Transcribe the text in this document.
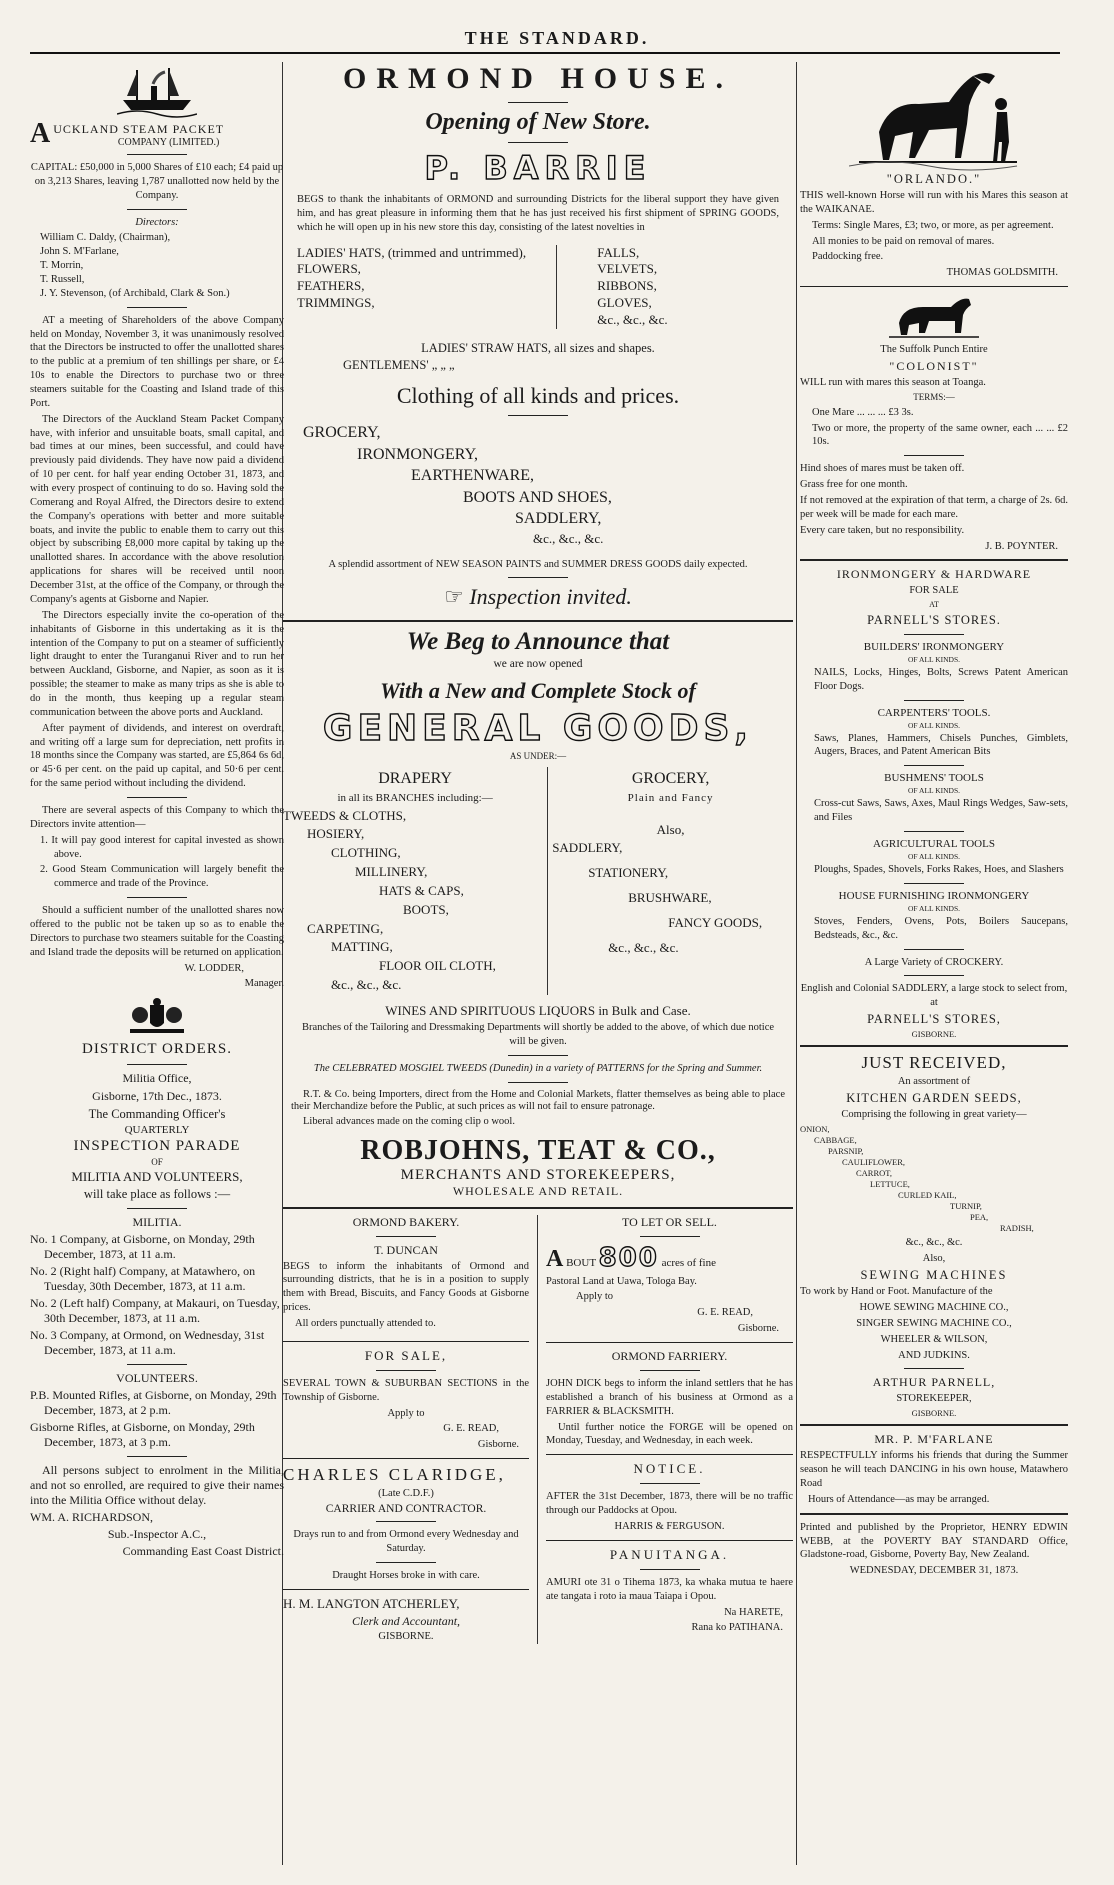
THE STANDARD.
A UCKLAND STEAM PACKET
COMPANY (LIMITED.)

CAPITAL: £50,000 in 5,000 Shares of £10 each; £4 paid up on 3,213 Shares, leaving 1,787 unallotted now held by the Company.

Directors:

William C. Daldy, (Chairman),
John S. M'Farlane,
T. Morrin,
T. Russell,
J. Y. Stevenson, (of Archibald, Clark & Son.)

AT a meeting of Shareholders of the above Company held on Monday, November 3, it was unanimously resolved that the Directors be instructed to offer the unallotted shares to the public at a premium of ten shillings per share, or £4 10s to enable the Directors to purchase two or three steamers suitable for the Coasting and Island trade of this Port.

The Directors of the Auckland Steam Packet Company have, with inferior and unsuitable boats, small capital, and bad times at our mines, been successful, and could have previously paid dividends. They have now paid a dividend of 10 per cent. for half year ending October 31, 1873, and with every prospect of continuing to do so. Having sold the Comerang and Royal Alfred, the Directors desire to extend the Company's operations with better and more suitable boats, and invite the public to enable them to carry out this object by subscribing £8,000 more capital by taking up the unallotted shares. In accordance with the above resolution applications for shares will be received until noon December 31st, at the office of the Company, or through the Company's agents at Gisborne and Napier.

The Directors especially invite the co-operation of the inhabitants of Gisborne in this undertaking as it is the intention of the Company to put on a steamer of sufficiently light draught to enter the Turanganui River and to run her between Auckland, Gisborne, and Napier, as soon as it is possible; the steamer to make as many trips as she is able to do in the month, thus keeping up a regular steam communication between the above ports and Auckland.

After payment of dividends, and interest on overdraft, and writing off a large sum for depreciation, nett profits in 18 months since the Company was started, are £5,864 6s 6d, or 45·6 per cent. on the paid up capital, and 50·6 per cent. for the same period without including the dividend.

There are several aspects of this Company to which the Directors invite attention—

1. It will pay good interest for capital invested as shown above.

2. Good Steam Communication will largely benefit the commerce and trade of the Province.

Should a sufficient number of the unallotted shares now offered to the public not be taken up so as to enable the Directors to purchase two steamers suitable for the Coasting and Island trade the deposits will be returned on application.

W. LODDER,

Manager.

DISTRICT ORDERS.

Militia Office,

Gisborne, 17th Dec., 1873.

The Commanding Officer's

QUARTERLY

INSPECTION PARADE

OF

MILITIA AND VOLUNTEERS,

will take place as follows :—

MILITIA.

No. 1 Company, at Gisborne, on Monday, 29th December, 1873, at 11 a.m.

No. 2 (Right half) Company, at Matawhero, on Tuesday, 30th December, 1873, at 11 a.m.

No. 2 (Left half) Company, at Makauri, on Tuesday, 30th December, 1873, at 11 a.m.

No. 3 Company, at Ormond, on Wednesday, 31st December, 1873, at 11 a.m.

VOLUNTEERS.

P.B. Mounted Rifles, at Gisborne, on Monday, 29th December, 1873, at 2 p.m.

Gisborne Rifles, at Gisborne, on Monday, 29th December, 1873, at 3 p.m.

All persons subject to enrolment in the Militia, and not so enrolled, are required to give their names into the Militia Office without delay.

WM. A. RICHARDSON,

Sub.-Inspector A.C.,

Commanding East Coast District.

ORMOND HOUSE.
Opening of New Store.
P. BARRIE

BEGS to thank the inhabitants of ORMOND and surrounding Districts for the liberal support they have given him, and has great pleasure in informing them that he has just received his first shipment of SPRING GOODS, which he will open up in his new store this day, consisting of the latest novelties in

LADIES' HATS, (trimmed and untrimmed),
FLOWERS,
FEATHERS,
TRIMMINGS,
FALLS,
VELVETS,
RIBBONS,
GLOVES,
&c., &c., &c.

LADIES' STRAW HATS, all sizes and shapes.

GENTLEMENS' „ „ „

Clothing of all kinds and prices.
GROCERY,
IRONMONGERY,
EARTHENWARE,
BOOTS AND SHOES,
SADDLERY,
&c., &c., &c.

A splendid assortment of NEW SEASON PAINTS and SUMMER DRESS GOODS daily expected.

☞ Inspection invited.
We Beg to Announce that

we are now opened

With a New and Complete Stock of
GENERAL GOODS,

AS UNDER:—

DRAPERY
in all its BRANCHES including:—
TWEEDS & CLOTHS,
HOSIERY,
CLOTHING,
MILLINERY,
HATS & CAPS,
BOOTS,
CARPETING,
MATTING,
FLOOR OIL CLOTH,
&c., &c., &c.
GROCERY,
Plain and Fancy
Also,
SADDLERY,
STATIONERY,
BRUSHWARE,
FANCY GOODS,
&c., &c., &c.

WINES AND SPIRITUOUS LIQUORS in Bulk and Case.

Branches of the Tailoring and Dressmaking Departments will shortly be added to the above, of which due notice will be given.

The CELEBRATED MOSGIEL TWEEDS (Dunedin) in a variety of PATTERNS for the Spring and Summer.

R.T. & Co. being Importers, direct from the Home and Colonial Markets, flatter themselves as being able to place their Merchandize before the Public, at such prices as will not fail to ensure patronage.

Liberal advances made on the coming clip o wool.

ROBJOHNS, TEAT & CO.,
MERCHANTS AND STOREKEEPERS,
WHOLESALE AND RETAIL.
ORMOND BAKERY.
T. DUNCAN

BEGS to inform the inhabitants of Ormond and surrounding districts, that he is in a position to supply them with Bread, Biscuits, and Fancy Goods at Gisborne prices.

All orders punctually attended to.

FOR SALE,

SEVERAL TOWN & SUBURBAN SECTIONS in the Township of Gisborne.

Apply to

G. E. READ,

Gisborne.

CHARLES CLARIDGE,

(Late C.D.F.)

CARRIER AND CONTRACTOR.

Drays run to and from Ormond every Wednesday and Saturday.

Draught Horses broke in with care.

H. M. LANGTON ATCHERLEY,

Clerk and Accountant,

GISBORNE.

TO LET OR SELL.
A BOUT 800 acres of fine

Pastoral Land at Uawa, Tologa Bay.

Apply to

G. E. READ,

Gisborne.

ORMOND FARRIERY.

JOHN DICK begs to inform the inland settlers that he has established a branch of his business at Ormond as a FARRIER & BLACKSMITH.

Until further notice the FORGE will be opened on Monday, Tuesday, and Wednesday, in each week.

NOTICE.

AFTER the 31st December, 1873, there will be no traffic through our Paddocks at Opou.

HARRIS & FERGUSON.

PANUITANGA.

AMURI ote 31 o Tihema 1873, ka whaka mutua te haere ate tangata i roto ia maua Taiapa i Opou.

Na HARETE,

Rana ko PATIHANA.

"ORLANDO."

THIS well-known Horse will run with his Mares this season at the WAIKANAE.

Terms: Single Mares, £3; two, or more, as per agreement.

All monies to be paid on removal of mares.

Paddocking free.

THOMAS GOLDSMITH.

The Suffolk Punch Entire

"COLONIST"

WILL run with mares this season at Toanga.

TERMS:—

One Mare ... ... ... £3 3s.

Two or more, the property of the same owner, each ... ... £2 10s.

Hind shoes of mares must be taken off.

Grass free for one month.

If not removed at the expiration of that term, a charge of 2s. 6d. per week will be made for each mare.

Every care taken, but no responsibility.

J. B. POYNTER.

IRONMONGERY & HARDWARE

FOR SALE

AT

PARNELL'S STORES.

BUILDERS' IRONMONGERY

OF ALL KINDS.

NAILS, Locks, Hinges, Bolts, Screws Patent American Floor Dogs.

CARPENTERS' TOOLS.

OF ALL KINDS.

Saws, Planes, Hammers, Chisels Punches, Gimblets, Augers, Braces, and Patent American Bits

BUSHMENS' TOOLS

OF ALL KINDS.

Cross-cut Saws, Saws, Axes, Maul Rings Wedges, Saw-sets, and Files

AGRICULTURAL TOOLS

OF ALL KINDS.

Ploughs, Spades, Shovels, Forks Rakes, Hoes, and Slashers

HOUSE FURNISHING IRONMONGERY

OF ALL KINDS.

Stoves, Fenders, Ovens, Pots, Boilers Saucepans, Bedsteads, &c., &c.

A Large Variety of CROCKERY.

English and Colonial SADDLERY, a large stock to select from, at

PARNELL'S STORES,

GISBORNE.

JUST RECEIVED,

An assortment of

KITCHEN GARDEN SEEDS,

Comprising the following in great variety—

ONION,
CABBAGE,
PARSNIP,
CAULIFLOWER,
CARROT,
LETTUCE,
CURLED KAIL,
TURNIP,
PEA,
RADISH,

&c., &c., &c.

Also,

SEWING MACHINES

To work by Hand or Foot. Manufacture of the

HOWE SEWING MACHINE CO.,

SINGER SEWING MACHINE CO.,

WHEELER & WILSON,

AND JUDKINS.

ARTHUR PARNELL,

STOREKEEPER,

GISBORNE.

MR. P. M'FARLANE

RESPECTFULLY informs his friends that during the Summer season he will teach DANCING in his own house, Matawhero Road

Hours of Attendance—as may be arranged.

Printed and published by the Proprietor, HENRY EDWIN WEBB, at the POVERTY BAY STANDARD Office, Gladstone-road, Gisborne, Poverty Bay, New Zealand.

WEDNESDAY, DECEMBER 31, 1873.
